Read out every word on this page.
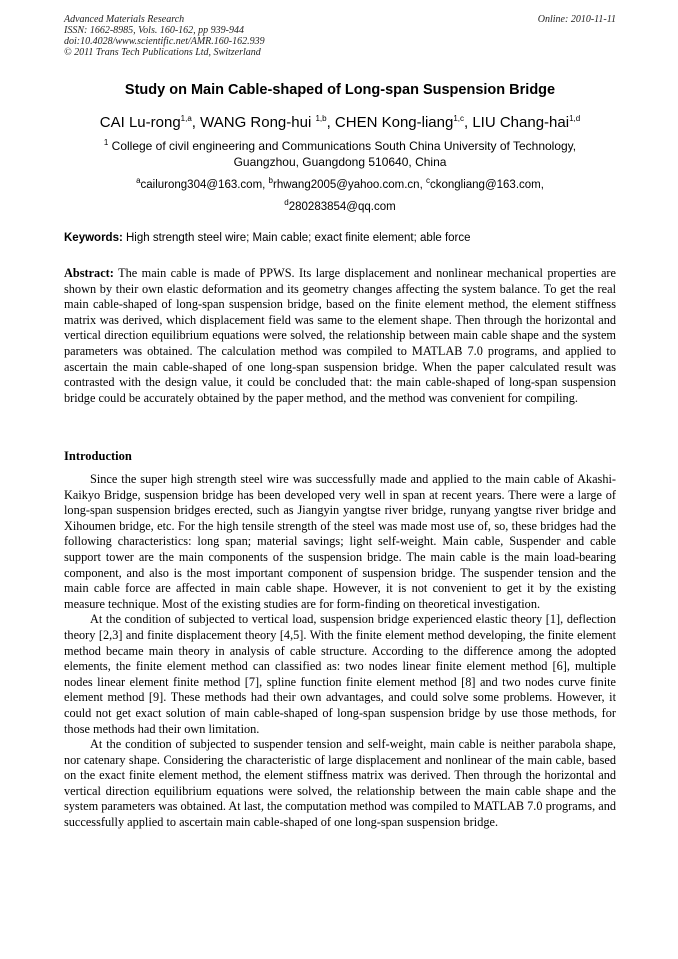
Advanced Materials Research
ISSN: 1662-8985, Vols. 160-162, pp 939-944
doi:10.4028/www.scientific.net/AMR.160-162.939
© 2011 Trans Tech Publications Ltd, Switzerland
Online: 2010-11-11
Study on Main Cable-shaped of Long-span Suspension Bridge
CAI Lu-rong$^{1,a}$, WANG Rong-hui $^{1,b}$, CHEN Kong-liang$^{1,c}$, LIU Chang-hai$^{1,d}$
$^1$ College of civil engineering and Communications South China University of Technology,
Guangzhou, Guangdong 510640, China
$^a$cailurong304@163.com, $^b$rhwang2005@yahoo.com.cn, $^c$ckongliang@163.com,
$^d$280283854@qq.com
Keywords: High strength steel wire; Main cable; exact finite element; able force
Abstract: The main cable is made of PPWS. Its large displacement and nonlinear mechanical properties are shown by their own elastic deformation and its geometry changes affecting the system balance. To get the real main cable-shaped of long-span suspension bridge, based on the finite element method, the element stiffness matrix was derived, which displacement field was same to the element shape. Then through the horizontal and vertical direction equilibrium equations were solved, the relationship between main cable shape and the system parameters was obtained. The calculation method was compiled to MATLAB 7.0 programs, and applied to ascertain the main cable-shaped of one long-span suspension bridge. When the paper calculated result was contrasted with the design value, it could be concluded that: the main cable-shaped of long-span suspension bridge could be accurately obtained by the paper method, and the method was convenient for compiling.
Introduction

Since the super high strength steel wire was successfully made and applied to the main cable of Akashi-Kaikyo Bridge, suspension bridge has been developed very well in span at recent years. There were a large of long-span suspension bridges erected, such as Jiangyin yangtse river bridge, runyang yangtse river bridge and Xihoumen bridge, etc. For the high tensile strength of the steel was made most use of, so, these bridges had the following characteristics: long span; material savings; light self-weight. Main cable, Suspender and cable support tower are the main components of the suspension bridge. The main cable is the main load-bearing component, and also is the most important component of suspension bridge. The suspender tension and the main cable force are affected in main cable shape. However, it is not convenient to get it by the existing measure technique. Most of the existing studies are for form-finding on theoretical investigation.

At the condition of subjected to vertical load, suspension bridge experienced elastic theory [1], deflection theory [2,3] and finite displacement theory [4,5]. With the finite element method developing, the finite element method became main theory in analysis of cable structure. According to the difference among the adopted elements, the finite element method can classified as: two nodes linear finite element method [6], multiple nodes linear element finite method [7], spline function finite element method [8] and two nodes curve finite element method [9]. These methods had their own advantages, and could solve some problems. However, it could not get exact solution of main cable-shaped of long-span suspension bridge by use those methods, for those methods had their own limitation.

At the condition of subjected to suspender tension and self-weight, main cable is neither parabola shape, nor catenary shape. Considering the characteristic of large displacement and nonlinear of the main cable, based on the exact finite element method, the element stiffness matrix was derived. Then through the horizontal and vertical direction equilibrium equations were solved, the relationship between the main cable shape and the system parameters was obtained. At last, the computation method was compiled to MATLAB 7.0 programs, and successfully applied to ascertain main cable-shaped of one long-span suspension bridge.
